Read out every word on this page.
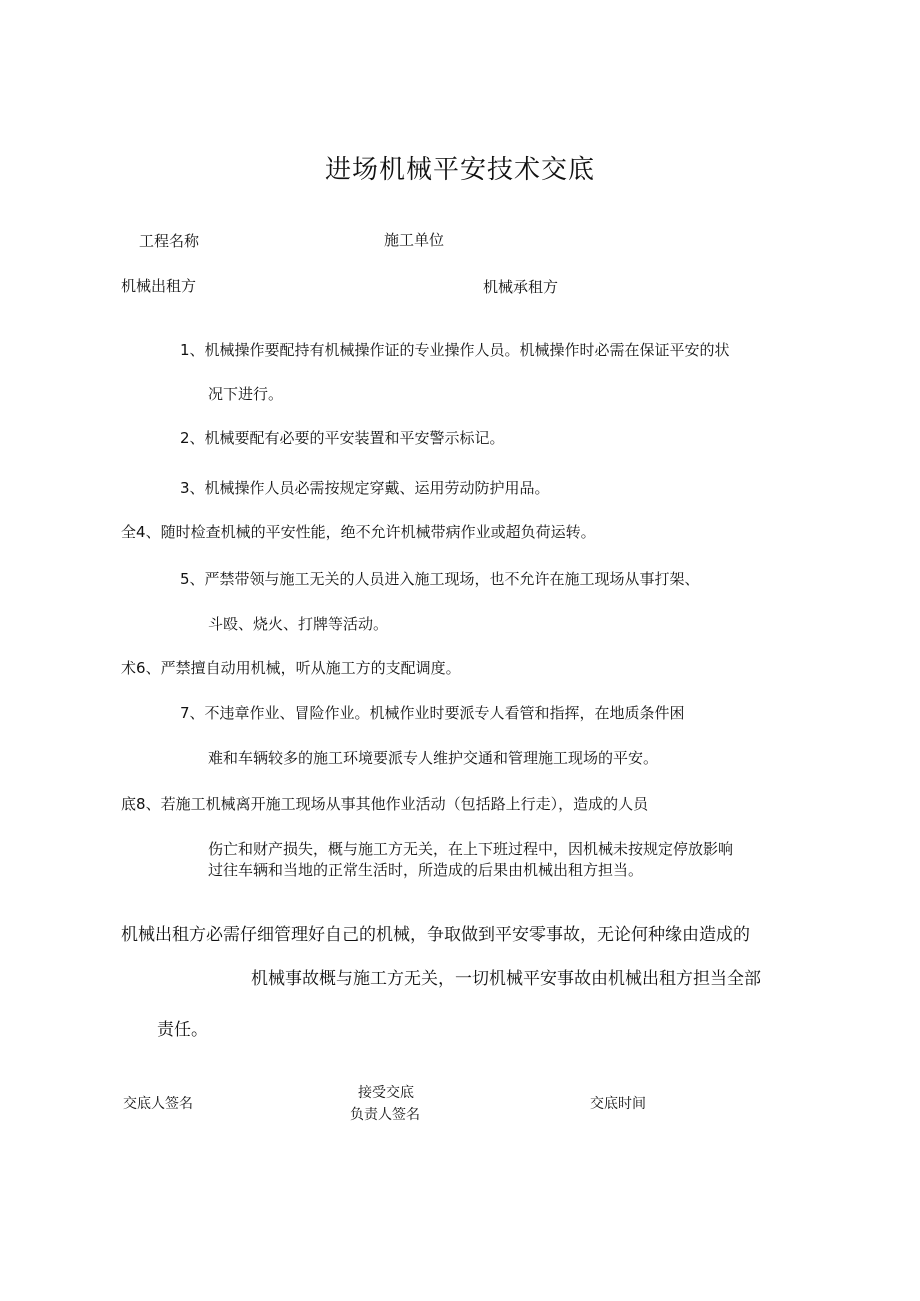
进场机械平安技术交底
工程名称	施工单位
机械出租方	机械承租方
1、机械操作要配持有机械操作证的专业操作人员。机械操作时必需在保证平安的状
况下进行。
2、机械要配有必要的平安装置和平安警示标记。
3、机械操作人员必需按规定穿戴、运用劳动防护用品。
全4、随时检查机械的平安性能，绝不允许机械带病作业或超负荷运转。
5、严禁带领与施工无关的人员进入施工现场，也不允许在施工现场从事打架、
斗殴、烧火、打牌等活动。
术6、严禁擅自动用机械，听从施工方的支配调度。
7、不违章作业、冒险作业。机械作业时要派专人看管和指挥，在地质条件困
难和车辆较多的施工环境要派专人维护交通和管理施工现场的平安。
底8、若施工机械离开施工现场从事其他作业活动（包括路上行走），造成的人员
伤亡和财产损失，概与施工方无关，在上下班过程中，因机械未按规定停放影响
过往车辆和当地的正常生活时，所造成的后果由机械出租方担当。
机械出租方必需仔细管理好自己的机械，争取做到平安零事故，无论何种缘由造成的
机械事故概与施工方无关，一切机械平安事故由机械出租方担当全部
责任。
交底人签名
接受交底
负责人签名
交底时间
